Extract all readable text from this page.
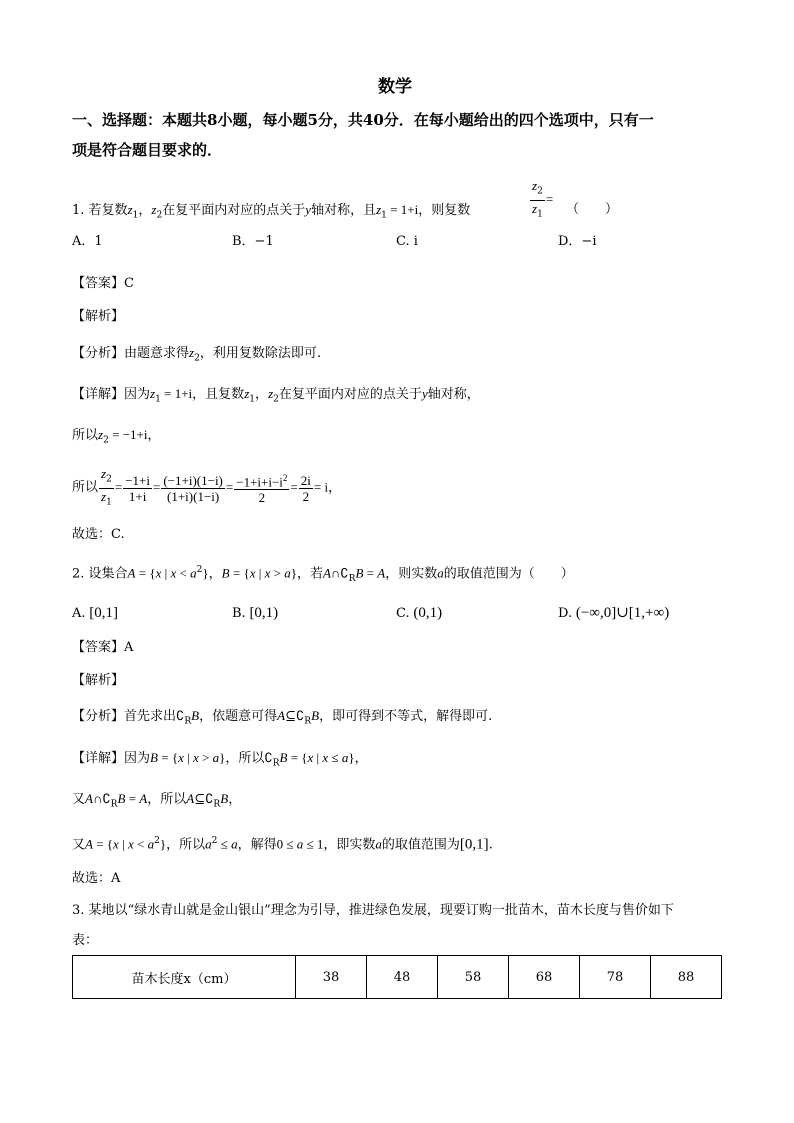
数学
一、选择题：本题共8小题，每小题5分，共40分．在每小题给出的四个选项中，只有一
项是符合题目要求的．
1. 若复数$z_1$，$z_2$在复平面内对应的点关于y轴对称，且$z_1 = 1+i$，则复数	$\frac{z_2}{z_1}$ =
（　　）
A．1	B．−1	C. i	D．−i
【答案】C
【解析】
【分析】由题意求得$z_2$，利用复数除法即可.
【详解】因为$z_1 = 1+i$，且复数$z_1$，$z_2$在复平面内对应的点关于y轴对称，
所以$z_2 = -1+i$，
所以 $\frac{z_2}{z_1} = \frac{-1+i}{1+i} = \frac{(-1+i)(1-i)}{(1+i)(1-i)} = \frac{-1+i+i-i^2}{2} = \frac{2i}{2} = i$，
故选：C.
2. 设集合A = {x | $x < a^2$}，B = {x | x > a}，若$A\cap∁_RB = A$，则实数a的取值范围为（　　）
A. [0,1]	B. [0,1)	C. (0,1)	D. (−∞,0]∪[1,+∞)
【答案】A
【解析】
【分析】首先求出$∁_RB$，依题意可得$A⊆∁_RB$，即可得到不等式，解得即可.
【详解】因为B = {x | x > a}，所以$∁_RB = \{x$ | x ≤ a}，
又$A\cap∁_RB = A$，所以$A⊆∁_RB$，
又A = {x | $x < a^2$}，所以$a^2 \le a$，解得0 ≤ a ≤ 1，即实数a的取值范围为[0,1].
故选：A
3. 某地以“绿水青山就是金山银山”理念为引导，推进绿色发展，现要订购一批苗木，苗木长度与售价如下
表：
苗木长度x（cm）	38	48	58	68	78	88
